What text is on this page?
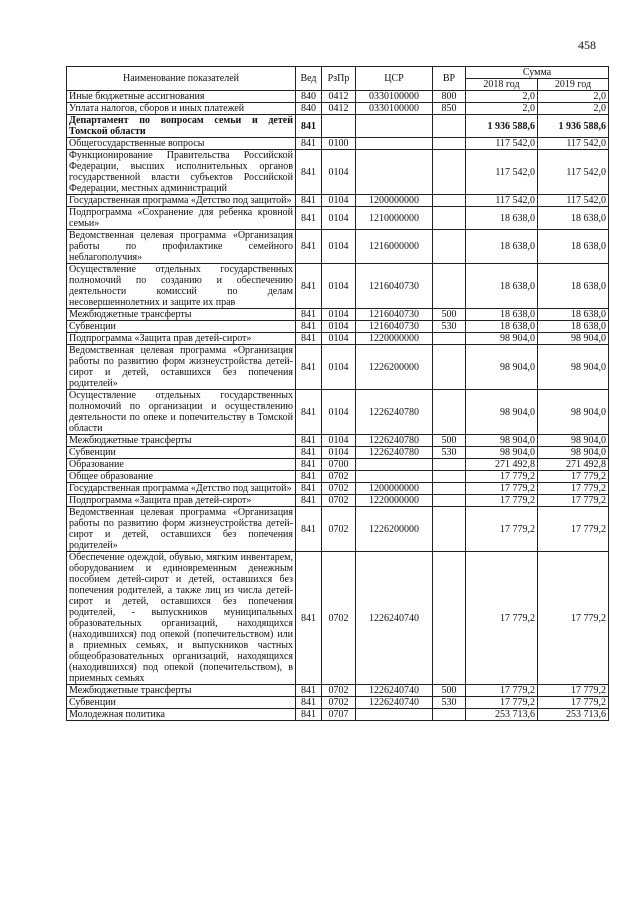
458
Наименование показателей	Вед	РзПр	ЦСР	ВР	Сумма	
					2018 год	2019 год
Иные бюджетные ассигнования	840	0412	0330100000	800	2,0	2,0
Уплата налогов, сборов и иных платежей	840	0412	0330100000	850	2,0	2,0
Департамент по вопросам семьи и детей Томской области	841				1 936 588,6	1 936 588,6
Общегосударственные вопросы	841	0100			117 542,0	117 542,0
Функционирование Правительства Российской Федерации, высших исполнительных органов государственной власти субъектов Российской Федерации, местных администраций	841	0104			117 542,0	117 542,0
Государственная программа «Детство под защитой»	841	0104	1200000000		117 542,0	117 542,0
Подпрограмма «Сохранение для ребенка кровной семьи»	841	0104	1210000000		18 638,0	18 638,0
Ведомственная целевая программа «Организация работы по профилактике семейного неблагополучия»	841	0104	1216000000		18 638,0	18 638,0
Осуществление отдельных государственных полномочий по созданию и обеспечению деятельности комиссий по делам несовершеннолетних и защите их прав	841	0104	1216040730		18 638,0	18 638,0
Межбюджетные трансферты	841	0104	1216040730	500	18 638,0	18 638,0
Субвенции	841	0104	1216040730	530	18 638,0	18 638,0
Подпрограмма «Защита прав детей-сирот»	841	0104	1220000000		98 904,0	98 904,0
Ведомственная целевая программа «Организация работы по развитию форм жизнеустройства детей-сирот и детей, оставшихся без попечения родителей»	841	0104	1226200000		98 904,0	98 904,0
Осуществление отдельных государственных полномочий по организации и осуществлению деятельности по опеке и попечительству в Томской области	841	0104	1226240780		98 904,0	98 904,0
Межбюджетные трансферты	841	0104	1226240780	500	98 904,0	98 904,0
Субвенции	841	0104	1226240780	530	98 904,0	98 904,0
Образование	841	0700			271 492,8	271 492,8
Общее образование	841	0702			17 779,2	17 779,2
Государственная программа «Детство под защитой»	841	0702	1200000000		17 779,2	17 779,2
Подпрограмма «Защита прав детей-сирот»	841	0702	1220000000		17 779,2	17 779,2
Ведомственная целевая программа «Организация работы по развитию форм жизнеустройства детей-сирот и детей, оставшихся без попечения родителей»	841	0702	1226200000		17 779,2	17 779,2
Обеспечение одеждой, обувью, мягким инвентарем, оборудованием и единовременным денежным пособием детей-сирот и детей, оставшихся без попечения родителей, а также лиц из числа детей-сирот и детей, оставшихся без попечения родителей, - выпускников муниципальных образовательных организаций, находящихся (находившихся) под опекой (попечительством) или в приемных семьях, и выпускников частных общеобразовательных организаций, находящихся (находившихся) под опекой (попечительством), в приемных семьях	841	0702	1226240740		17 779,2	17 779,2
Межбюджетные трансферты	841	0702	1226240740	500	17 779,2	17 779,2
Субвенции	841	0702	1226240740	530	17 779,2	17 779,2
Молодежная политика	841	0707			253 713,6	253 713,6
